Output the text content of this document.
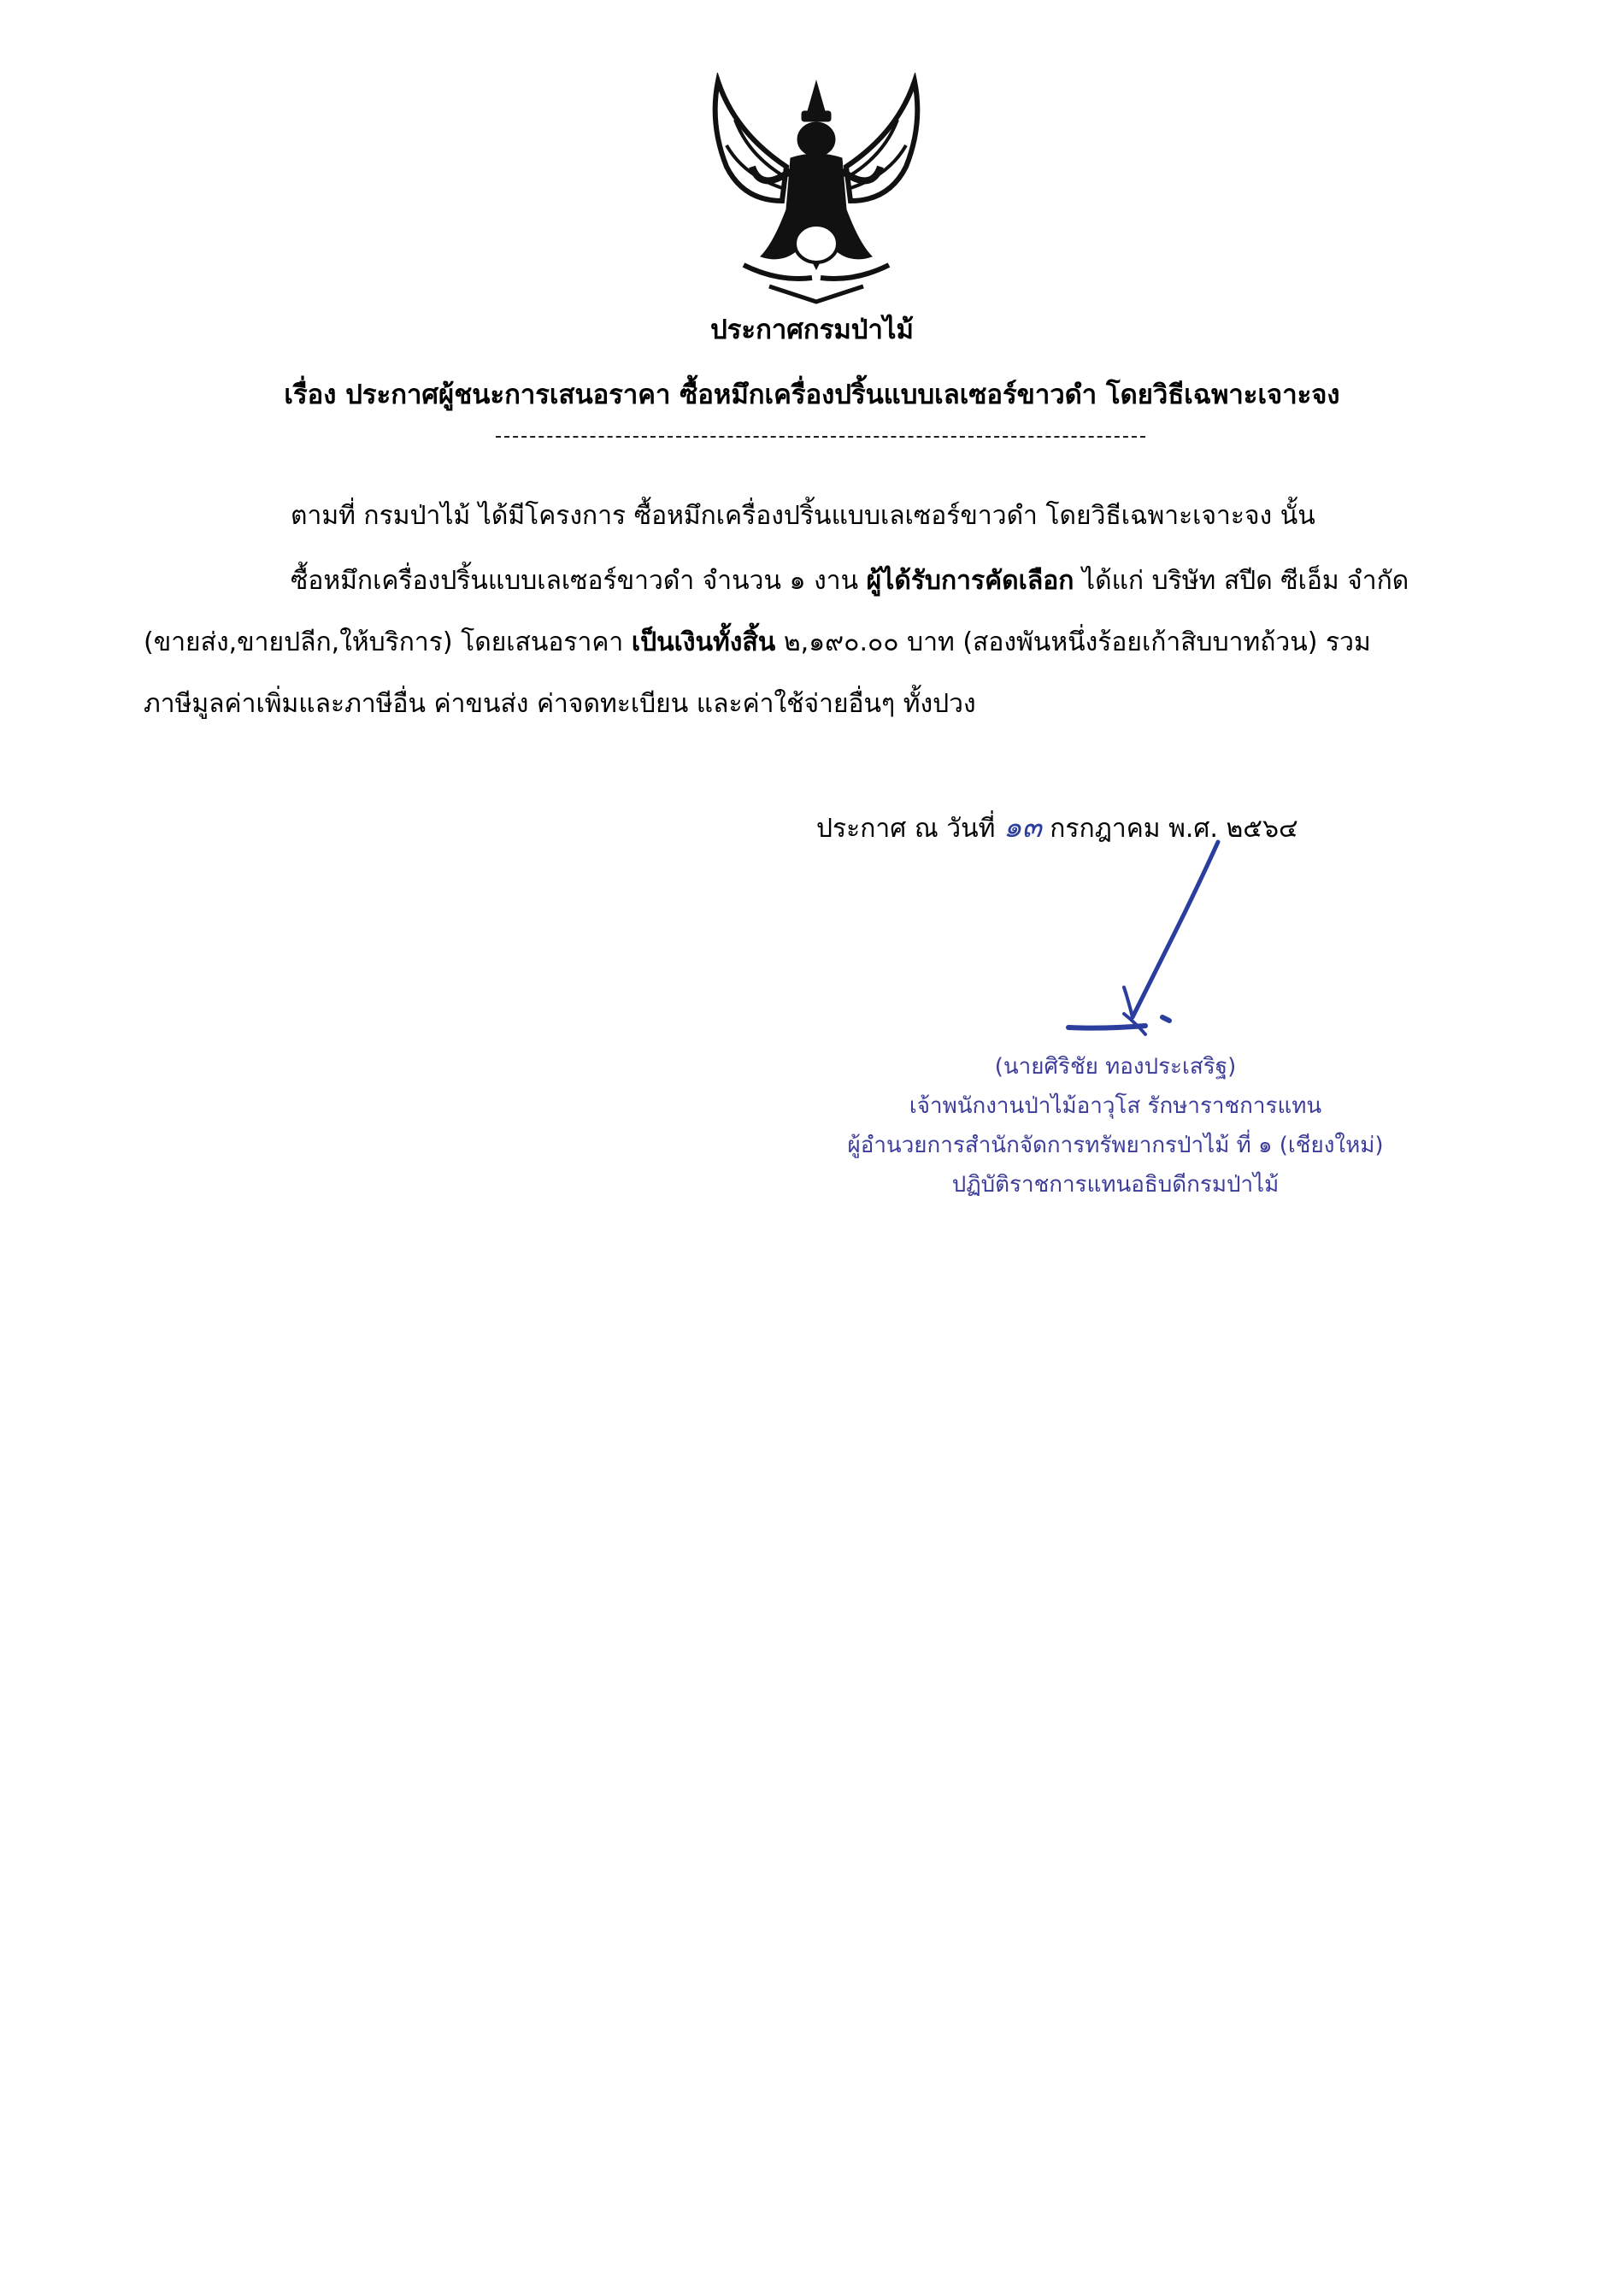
ประกาศกรมป่าไม้
เรื่อง ประกาศผู้ชนะการเสนอราคา ซื้อหมึกเครื่องปริ้นแบบเลเซอร์ขาวดำ โดยวิธีเฉพาะเจาะจง
ตามที่ กรมป่าไม้ ได้มีโครงการ ซื้อหมึกเครื่องปริ้นแบบเลเซอร์ขาวดำ โดยวิธีเฉพาะเจาะจง นั้น
ซื้อหมึกเครื่องปริ้นแบบเลเซอร์ขาวดำ จำนวน ๑ งาน ผู้ได้รับการคัดเลือก ได้แก่ บริษัท สปีด ซีเอ็ม จำกัด
(ขายส่ง,ขายปลีก,ให้บริการ) โดยเสนอราคา เป็นเงินทั้งสิ้น ๒,๑๙๐.๐๐ บาท (สองพันหนึ่งร้อยเก้าสิบบาทถ้วน) รวม
ภาษีมูลค่าเพิ่มและภาษีอื่น ค่าขนส่ง ค่าจดทะเบียน และค่าใช้จ่ายอื่นๆ ทั้งปวง
ประกาศ ณ วันที่ ๑๓ กรกฎาคม พ.ศ. ๒๕๖๔
(นายศิริชัย ทองประเสริฐ)
เจ้าพนักงานป่าไม้อาวุโส รักษาราชการแทน
ผู้อำนวยการสำนักจัดการทรัพยากรป่าไม้ ที่ ๑ (เชียงใหม่)
ปฏิบัติราชการแทนอธิบดีกรมป่าไม้
